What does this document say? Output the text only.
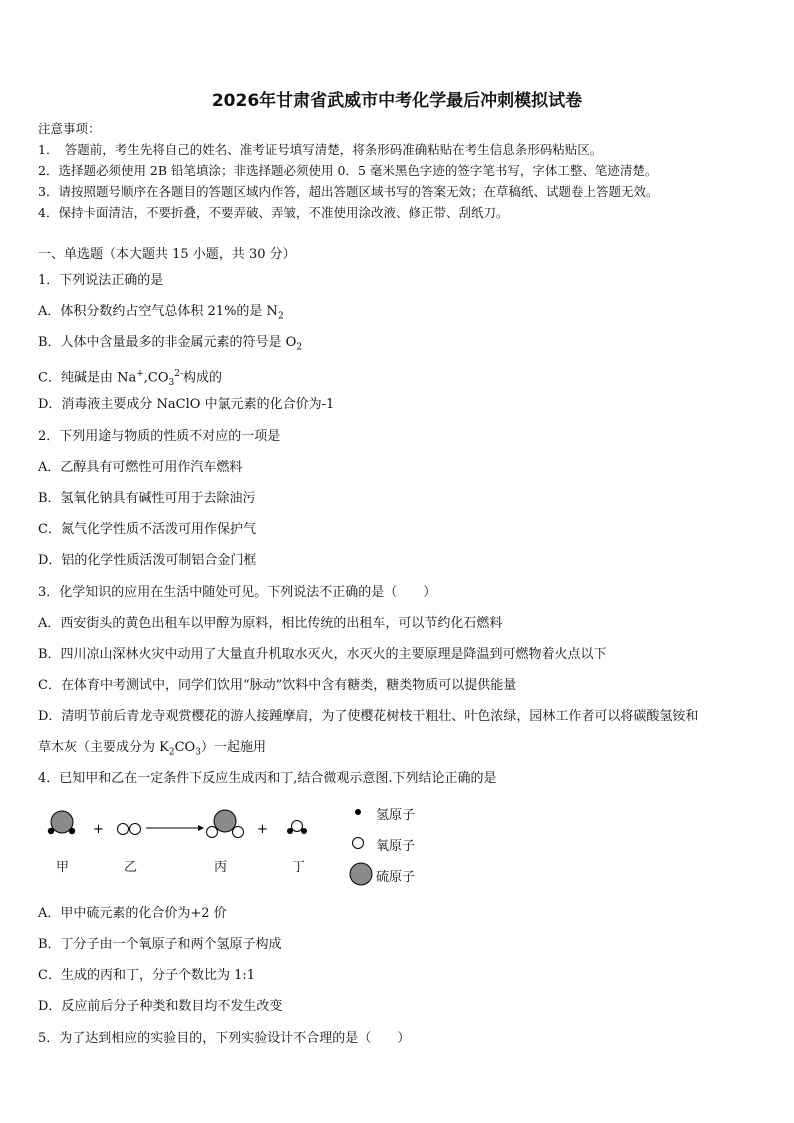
2026年甘肃省武威市中考化学最后冲刺模拟试卷
注意事项：
1．　答题前，考生先将自己的姓名、准考证号填写清楚，将条形码准确粘贴在考生信息条形码粘贴区。
2．选择题必须使用 2B 铅笔填涂；非选择题必须使用 0．5 毫米黑色字迹的签字笔书写，字体工整、笔迹清楚。
3．请按照题号顺序在各题目的答题区域内作答，超出答题区域书写的答案无效；在草稿纸、试题卷上答题无效。
4．保持卡面清洁，不要折叠，不要弄破、弄皱，不准使用涂改液、修正带、刮纸刀。
一、单选题（本大题共 15 小题，共 30 分）
1．下列说法正确的是
A．体积分数约占空气总体积 21%的是 $N_2$
B．人体中含量最多的非金属元素的符号是 $O_2$
C．纯碱是由 $Na^+,CO_3^{2-}$构成的
D．消毒液主要成分 NaClO 中氯元素的化合价为-1
2．下列用途与物质的性质不对应的一项是
A．乙醇具有可燃性可用作汽车燃料
B．氢氧化钠具有碱性可用于去除油污
C．氮气化学性质不活泼可用作保护气
D．铝的化学性质活泼可制铝合金门框
3．化学知识的应用在生活中随处可见。下列说法不正确的是（　　）
A．西安街头的黄色出租车以甲醇为原料，相比传统的出租车，可以节约化石燃料
B．四川凉山深林火灾中动用了大量直升机取水灭火，水灭火的主要原理是降温到可燃物着火点以下
C．在体育中考测试中，同学们饮用“脉动”饮料中含有糖类，糖类物质可以提供能量
D．清明节前后青龙寺观赏樱花的游人接踵摩肩，为了使樱花树枝干粗壮、叶色浓绿，园林工作者可以将碳酸氢铵和
草木灰（主要成分为 $K_2CO_3$）一起施用
4．已知甲和乙在一定条件下反应生成丙和丁,结合微观示意图.下列结论正确的是
+	+
甲	乙	丙	丁
氢原子
氧原子
硫原子
A．甲中硫元素的化合价为+2 价
B．丁分子由一个氧原子和两个氢原子构成
C．生成的丙和丁，分子个数比为 1:1
D．反应前后分子种类和数目均不发生改变
5．为了达到相应的实验目的，下列实验设计不合理的是（　　）
